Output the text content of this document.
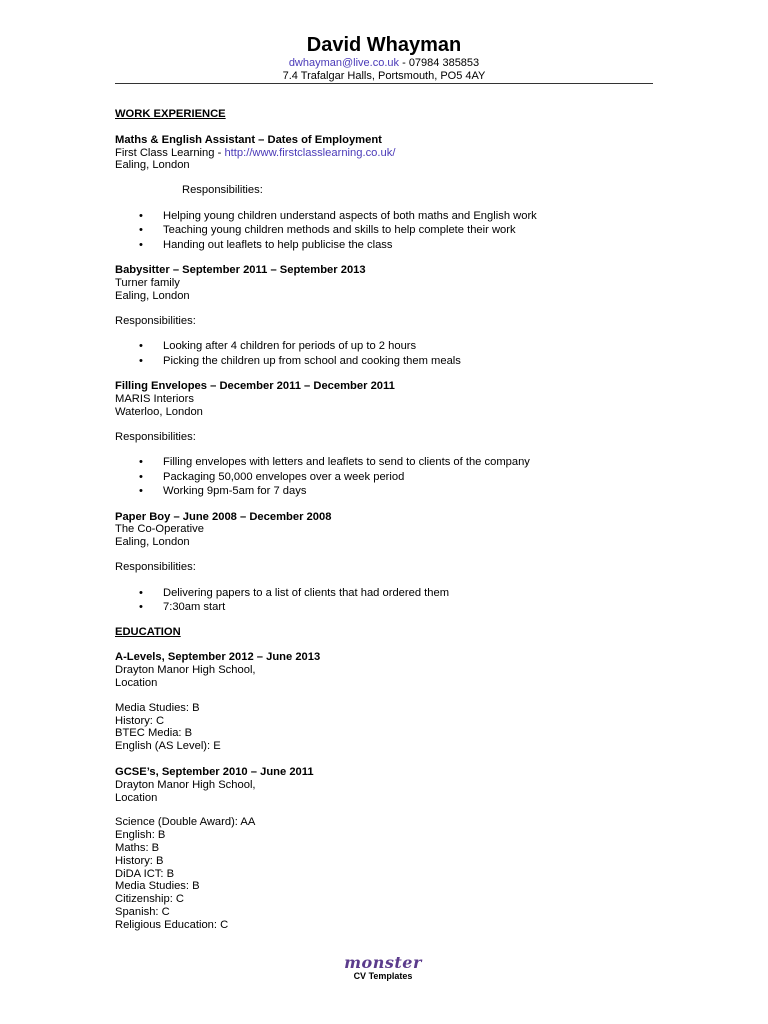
David Whayman
dwhayman@live.co.uk - 07984 385853
7.4 Trafalgar Halls, Portsmouth, PO5 4AY
WORK EXPERIENCE
Maths & English Assistant – Dates of Employment
First Class Learning - http://www.firstclasslearning.co.uk/
Ealing, London
Responsibilities:
• Helping young children understand aspects of both maths and English work
• Teaching young children methods and skills to help complete their work
• Handing out leaflets to help publicise the class
Babysitter – September 2011 – September 2013
Turner family
Ealing, London
Responsibilities:
• Looking after 4 children for periods of up to 2 hours
• Picking the children up from school and cooking them meals
Filling Envelopes – December 2011 – December 2011
MARIS Interiors
Waterloo, London
Responsibilities:
• Filling envelopes with letters and leaflets to send to clients of the company
• Packaging 50,000 envelopes over a week period
• Working 9pm-5am for 7 days
Paper Boy – June 2008 – December 2008
The Co-Operative
Ealing, London
Responsibilities:
• Delivering papers to a list of clients that had ordered them
• 7:30am start
EDUCATION
A-Levels, September 2012 – June 2013
Drayton Manor High School,
Location
Media Studies: B
History: C
BTEC Media: B
English (AS Level): E
GCSE’s, September 2010 – June 2011
Drayton Manor High School,
Location
Science (Double Award): AA
English: B
Maths: B
History: B
DiDA ICT: B
Media Studies: B
Citizenship: C
Spanish: C
Religious Education: C
monster
CV Templates
